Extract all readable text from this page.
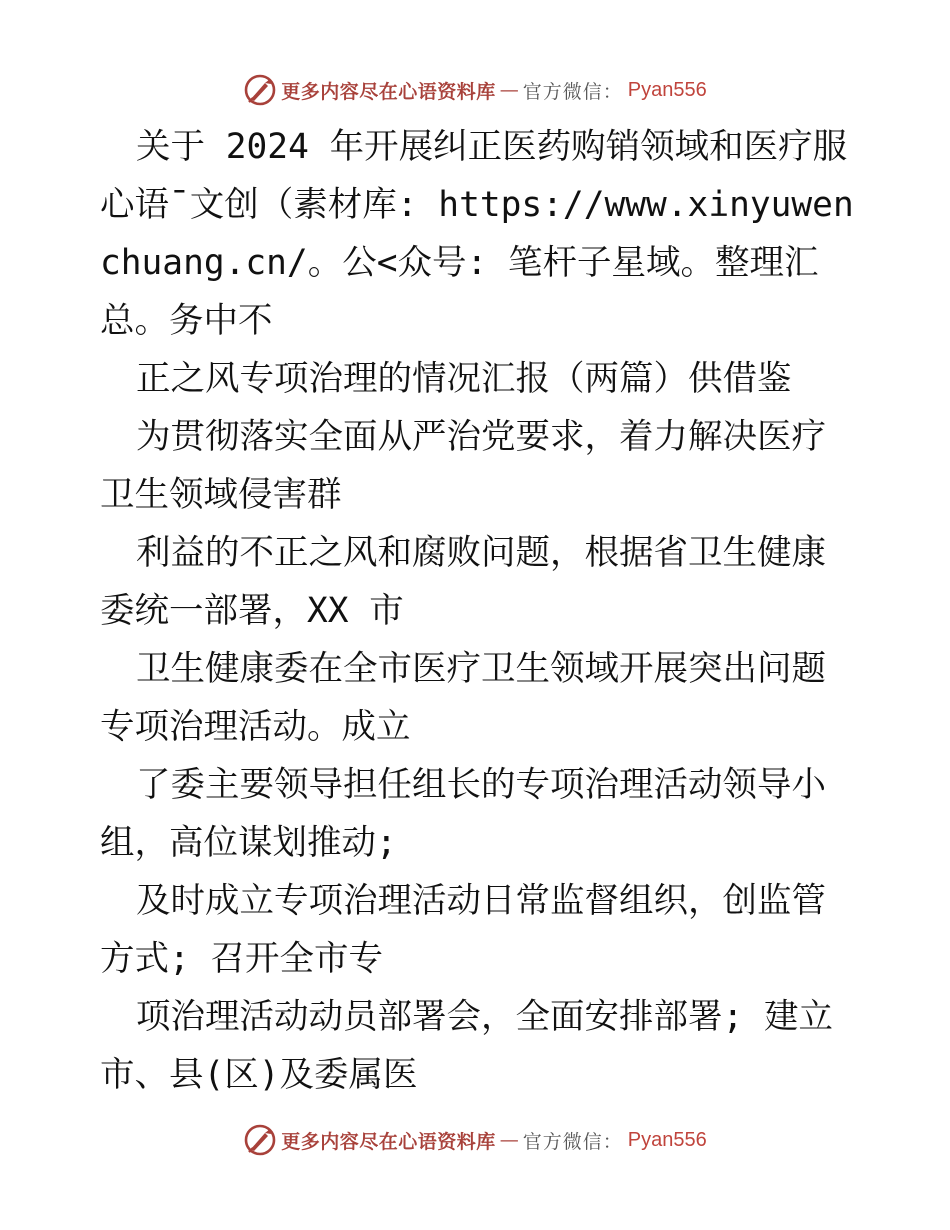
更多内容尽在心语资料库 — 官方微信 ： Pyan556

关于 2024 年开展纠正医药购销领域和医疗服心语¯文创（素材库: https://www.xinyuwenchuang.cn/。公<众号: 笔杆子星域。整理汇总。务中不

正之风专项治理的情况汇报（两篇）供借鉴

为贯彻落实全面从严治党要求，着力解决医疗卫生领域侵害群

利益的不正之风和腐败问题，根据省卫生健康委统一部署，XX 市

卫生健康委在全市医疗卫生领域开展突出问题专项治理活动。成立

了委主要领导担任组长的专项治理活动领导小组，高位谋划推动;

及时成立专项治理活动日常监督组织，创监管方式; 召开全市专

项治理活动动员部署会，全面安排部署; 建立市、县(区)及委属医

更多内容尽在心语资料库 — 官方微信 ： Pyan556
